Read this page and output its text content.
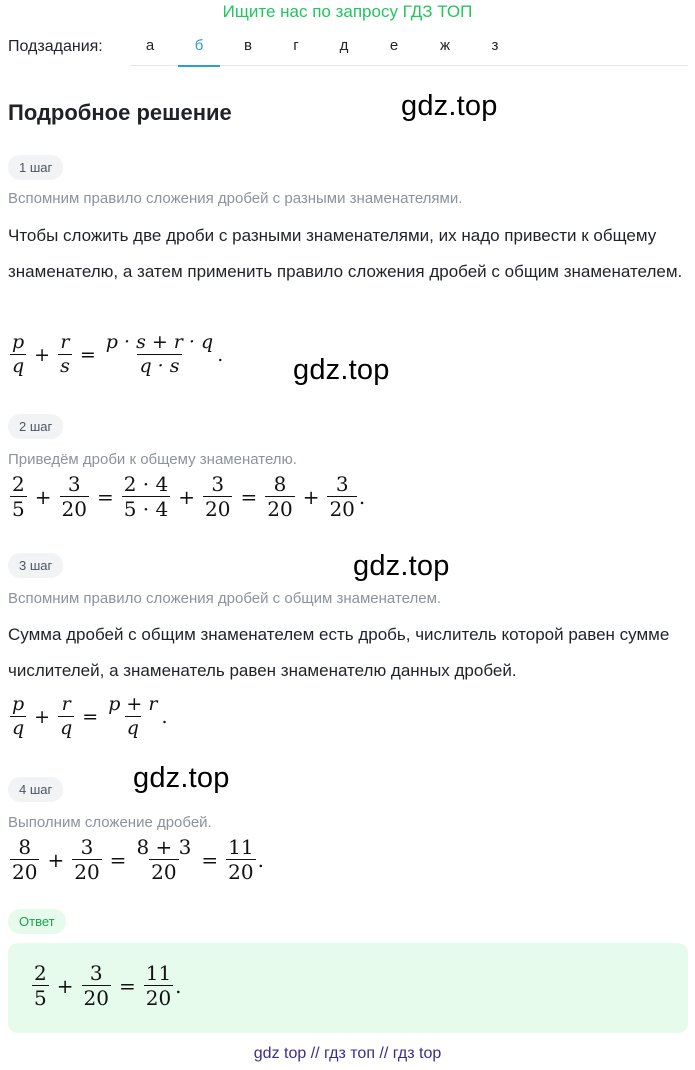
Ищите нас по запросу ГДЗ ТОП
Подзадания:	а	б	в	г	д	е	ж	з
Подробное решение	gdz.top
1 шаг
Вспомним правило сложения дробей с разными знаменателями.
Чтобы сложить две дроби с разными знаменателями, их надо привести к общему знаменателю, а затем применить правило сложения дробей с общим знаменателем.
$\frac{p}{q} + \frac{r}{s} = \frac{p \cdot s + r \cdot q}{q \cdot s}$ . gdz.top
2 шаг
Приведём дроби к общему знаменателю.
$\frac{2}{5} + \frac{3}{20} = \frac{2 \cdot 4}{5 \cdot 4} + \frac{3}{20} = \frac{8}{20} + \frac{3}{20}$ .
3 шаг	gdz.top
Вспомним правило сложения дробей с общим знаменателем.
Сумма дробей с общим знаменателем есть дробь, числитель которой равен сумме числителей, а знаменатель равен знаменателю данных дробей.
$\frac{p}{q} + \frac{r}{q} = \frac{p + r}{q}$ .
gdz.top
4 шаг
Выполним сложение дробей.
$\frac{8}{20} + \frac{3}{20} = \frac{8 + 3}{20} = \frac{11}{20}$ .
Ответ
$\frac{2}{5} + \frac{3}{20} = \frac{11}{20}$ .
gdz top // гдз топ // гдз top
